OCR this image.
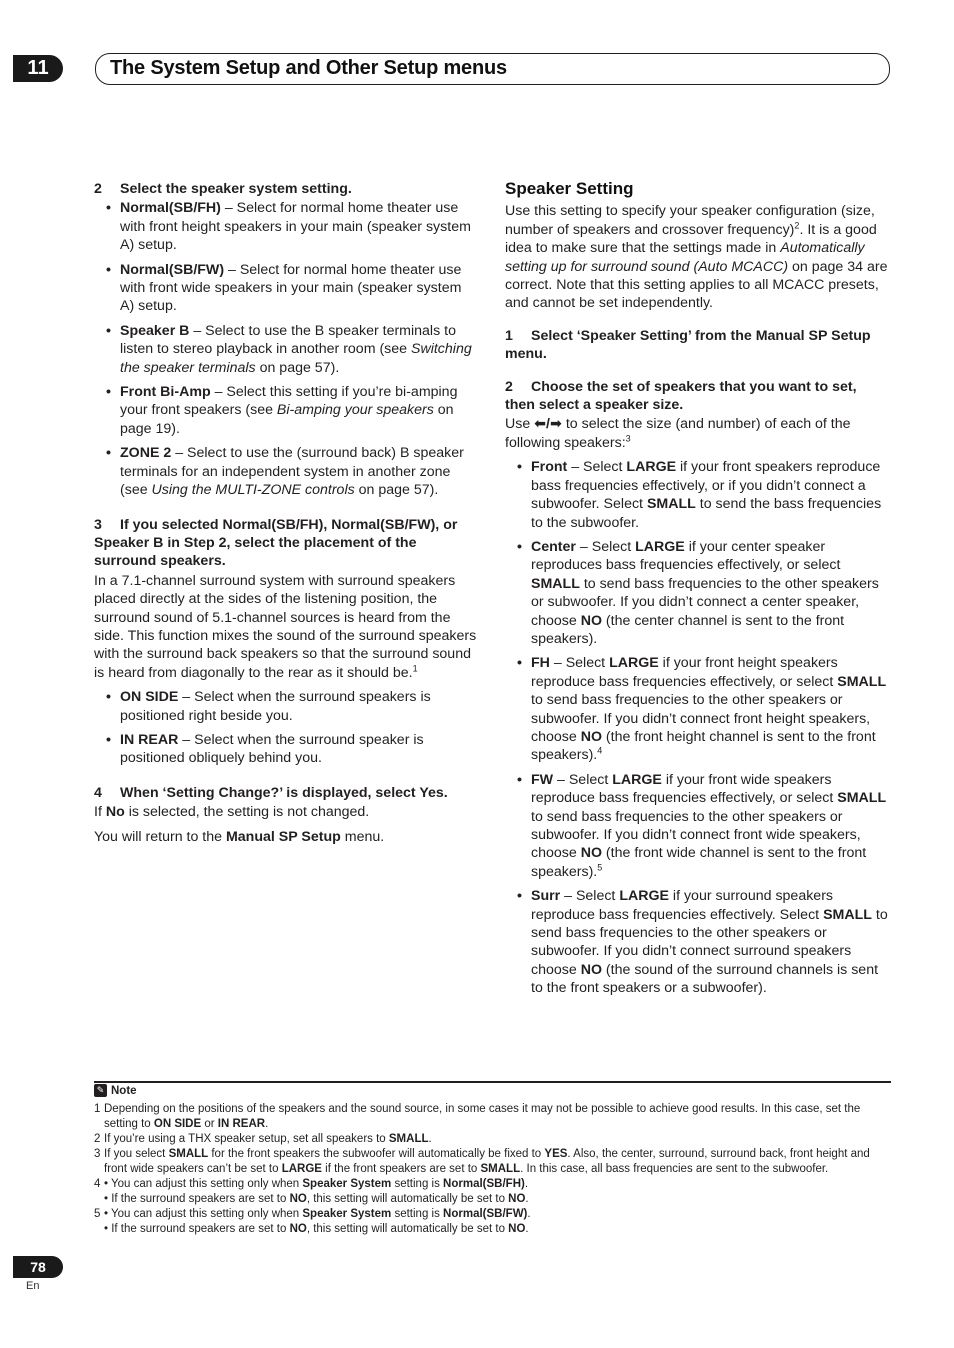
11	The System Setup and Other Setup menus
2 Select the speaker system setting.
• Normal(SB/FH) – Select for normal home theater use with front height speakers in your main (speaker system A) setup.
• Normal(SB/FW) – Select for normal home theater use with front wide speakers in your main (speaker system A) setup.
• Speaker B – Select to use the B speaker terminals to listen to stereo playback in another room (see Switching the speaker terminals on page 57).
• Front Bi-Amp – Select this setting if you’re bi-amping your front speakers (see Bi-amping your speakers on page 19).
• ZONE 2 – Select to use the (surround back) B speaker terminals for an independent system in another zone (see Using the MULTI-ZONE controls on page 57).
3 If you selected Normal(SB/FH), Normal(SB/FW), or Speaker B in Step 2, select the placement of the surround speakers.
In a 7.1-channel surround system with surround speakers placed directly at the sides of the listening position, the surround sound of 5.1-channel sources is heard from the side. This function mixes the sound of the surround speakers with the surround back speakers so that the surround sound is heard from diagonally to the rear as it should be.$^1$
• ON SIDE – Select when the surround speakers is positioned right beside you.
• IN REAR – Select when the surround speaker is positioned obliquely behind you.
4 When ‘Setting Change?’ is displayed, select Yes.
If No is selected, the setting is not changed.
You will return to the Manual SP Setup menu.
Speaker Setting
Use this setting to specify your speaker configuration (size, number of speakers and crossover frequency)$^2$. It is a good idea to make sure that the settings made in Automatically setting up for surround sound (Auto MCACC) on page 34 are correct. Note that this setting applies to all MCACC presets, and cannot be set independently.
1 Select ‘Speaker Setting’ from the Manual SP Setup menu.
2 Choose the set of speakers that you want to set, then select a speaker size.
Use ⬅/➡ to select the size (and number) of each of the following speakers:$^3$
• Front – Select LARGE if your front speakers reproduce bass frequencies effectively, or if you didn’t connect a subwoofer. Select SMALL to send the bass frequencies to the subwoofer.
• Center – Select LARGE if your center speaker reproduces bass frequencies effectively, or select SMALL to send bass frequencies to the other speakers or subwoofer. If you didn’t connect a center speaker, choose NO (the center channel is sent to the front speakers).
• FH – Select LARGE if your front height speakers reproduce bass frequencies effectively, or select SMALL to send bass frequencies to the other speakers or subwoofer. If you didn’t connect front height speakers, choose NO (the front height channel is sent to the front speakers).$^4$
• FW – Select LARGE if your front wide speakers reproduce bass frequencies effectively, or select SMALL to send bass frequencies to the other speakers or subwoofer. If you didn’t connect front wide speakers, choose NO (the front wide channel is sent to the front speakers).$^5$
• Surr – Select LARGE if your surround speakers reproduce bass frequencies effectively. Select SMALL to send bass frequencies to the other speakers or subwoofer. If you didn’t connect surround speakers choose NO (the sound of the surround channels is sent to the front speakers or a subwoofer).
✎ Note
1 Depending on the positions of the speakers and the sound source, in some cases it may not be possible to achieve good results. In this case, set the setting to ON SIDE or IN REAR.
2 If you’re using a THX speaker setup, set all speakers to SMALL.
3 If you select SMALL for the front speakers the subwoofer will automatically be fixed to YES. Also, the center, surround, surround back, front height and front wide speakers can’t be set to LARGE if the front speakers are set to SMALL. In this case, all bass frequencies are sent to the subwoofer.
4 • You can adjust this setting only when Speaker System setting is Normal(SB/FH).
• If the surround speakers are set to NO, this setting will automatically be set to NO.
5 • You can adjust this setting only when Speaker System setting is Normal(SB/FW).
• If the surround speakers are set to NO, this setting will automatically be set to NO.
78
En
